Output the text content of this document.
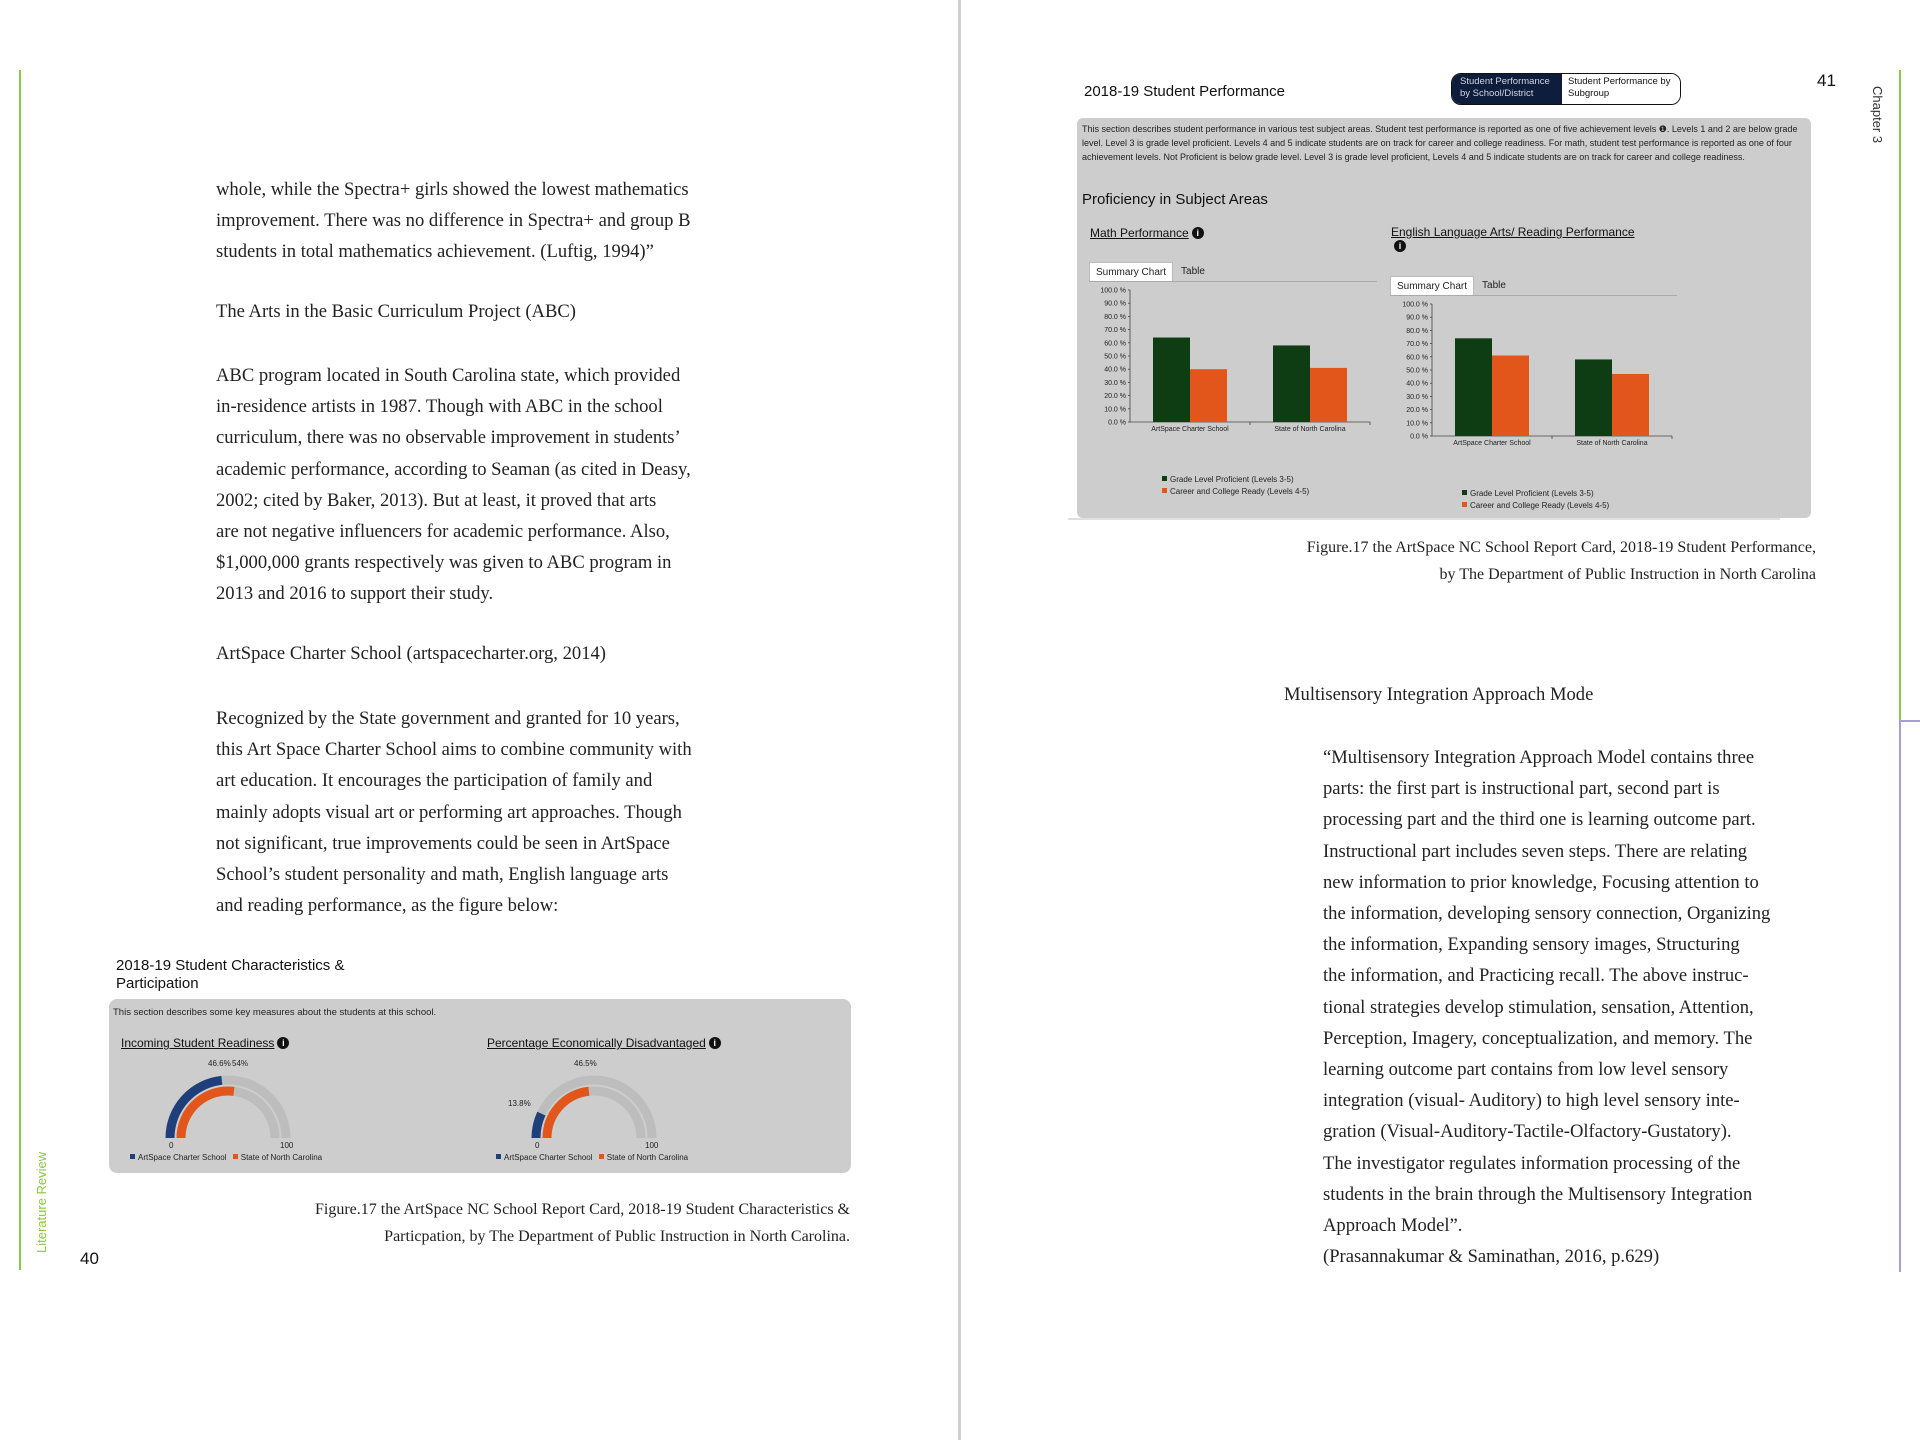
Literature Review
Chapter 3
40
41

whole, while the Spectra+ girls showed the lowest mathematics

improvement. There was no difference in Spectra+ and group B

students in total mathematics achievement. (Luftig, 1994)”

The Arts in the Basic Curriculum Project (ABC)

ABC program located in South Carolina state, which provided

in-residence artists in 1987. Though with ABC in the school

curriculum, there was no observable improvement in students’

academic performance, according to Seaman (as cited in Deasy,

2002; cited by Baker, 2013). But at least, it proved that arts

are not negative influencers for academic performance. Also,

$1,000,000 grants respectively was given to ABC program in

2013 and 2016 to support their study.

ArtSpace Charter School (artspacecharter.org, 2014)

Recognized by the State government and granted for 10 years,

this Art Space Charter School aims to combine community with

art education. It encourages the participation of family and

mainly adopts visual art or performing art approaches. Though

not significant, true improvements could be seen in ArtSpace

School’s student personality and math, English language arts

and reading performance, as the figure below:

2018-19 Student Characteristics & Participation
This section describes some key measures about the students at this school.
Incoming Student Readiness i	Percentage Economically Disadvantaged i
46.6% 54%
0	100
ArtSpace Charter School State of North Carolina
13.8%
46.5%
0	100
ArtSpace Charter School State of North Carolina
Figure.17 the ArtSpace NC School Report Card, 2018-19 Student Characteristics &
Particpation, by The Department of Public Instruction in North Carolina.
2018-19 Student Performance
Student Performance by School/District
Student Performance by Subgroup
This section describes student performance in various test subject areas. Student test performance is reported as one of five achievement levels ❶. Levels 1 and 2 are below grade level. Level 3 is grade level proficient. Levels 4 and 5 indicate students are on track for career and college readiness. For math, student test performance is reported as one of four achievement levels. Not Proficient is below grade level. Level 3 is grade level proficient, Levels 4 and 5 indicate students are on track for career and college readiness.
Proficiency in Subject Areas
Math Performance i	English Language Arts/ Reading Performance
i
Summary Chart	Table
Summary Chart	Table
100.0 %
90.0 %
80.0 %
70.0 %
60.0 %
50.0 %
40.0 %
30.0 %
20.0 %
10.0 %
0.0 %
ArtSpace Charter School	State of North Carolina
100.0 %
90.0 %
80.0 %
70.0 %
60.0 %
50.0 %
40.0 %
30.0 %
20.0 %
10.0 %
0.0 %
ArtSpace Charter School	State of North Carolina
Grade Level Proficient (Levels 3-5)
Career and College Ready (Levels 4-5)	Grade Level Proficient (Levels 3-5)
Career and College Ready (Levels 4-5)
Figure.17 the ArtSpace NC School Report Card, 2018-19 Student Performance,
by The Department of Public Instruction in North Carolina
Multisensory Integration Approach Mode

“Multisensory Integration Approach Model contains three

parts: the first part is instructional part, second part is

processing part and the third one is learning outcome part.

Instructional part includes seven steps. There are relating

new information to prior knowledge, Focusing attention to

the information, developing sensory connection, Organizing

the information, Expanding sensory images, Structuring

the information, and Practicing recall. The above instruc-

tional strategies develop stimulation, sensation, Attention,

Perception, Imagery, conceptualization, and memory. The

learning outcome part contains from low level sensory

integration (visual- Auditory) to high level sensory inte-

gration (Visual-Auditory-Tactile-Olfactory-Gustatory).

The investigator regulates information processing of the

students in the brain through the Multisensory Integration

Approach Model”.

(Prasannakumar & Saminathan, 2016, p.629)
